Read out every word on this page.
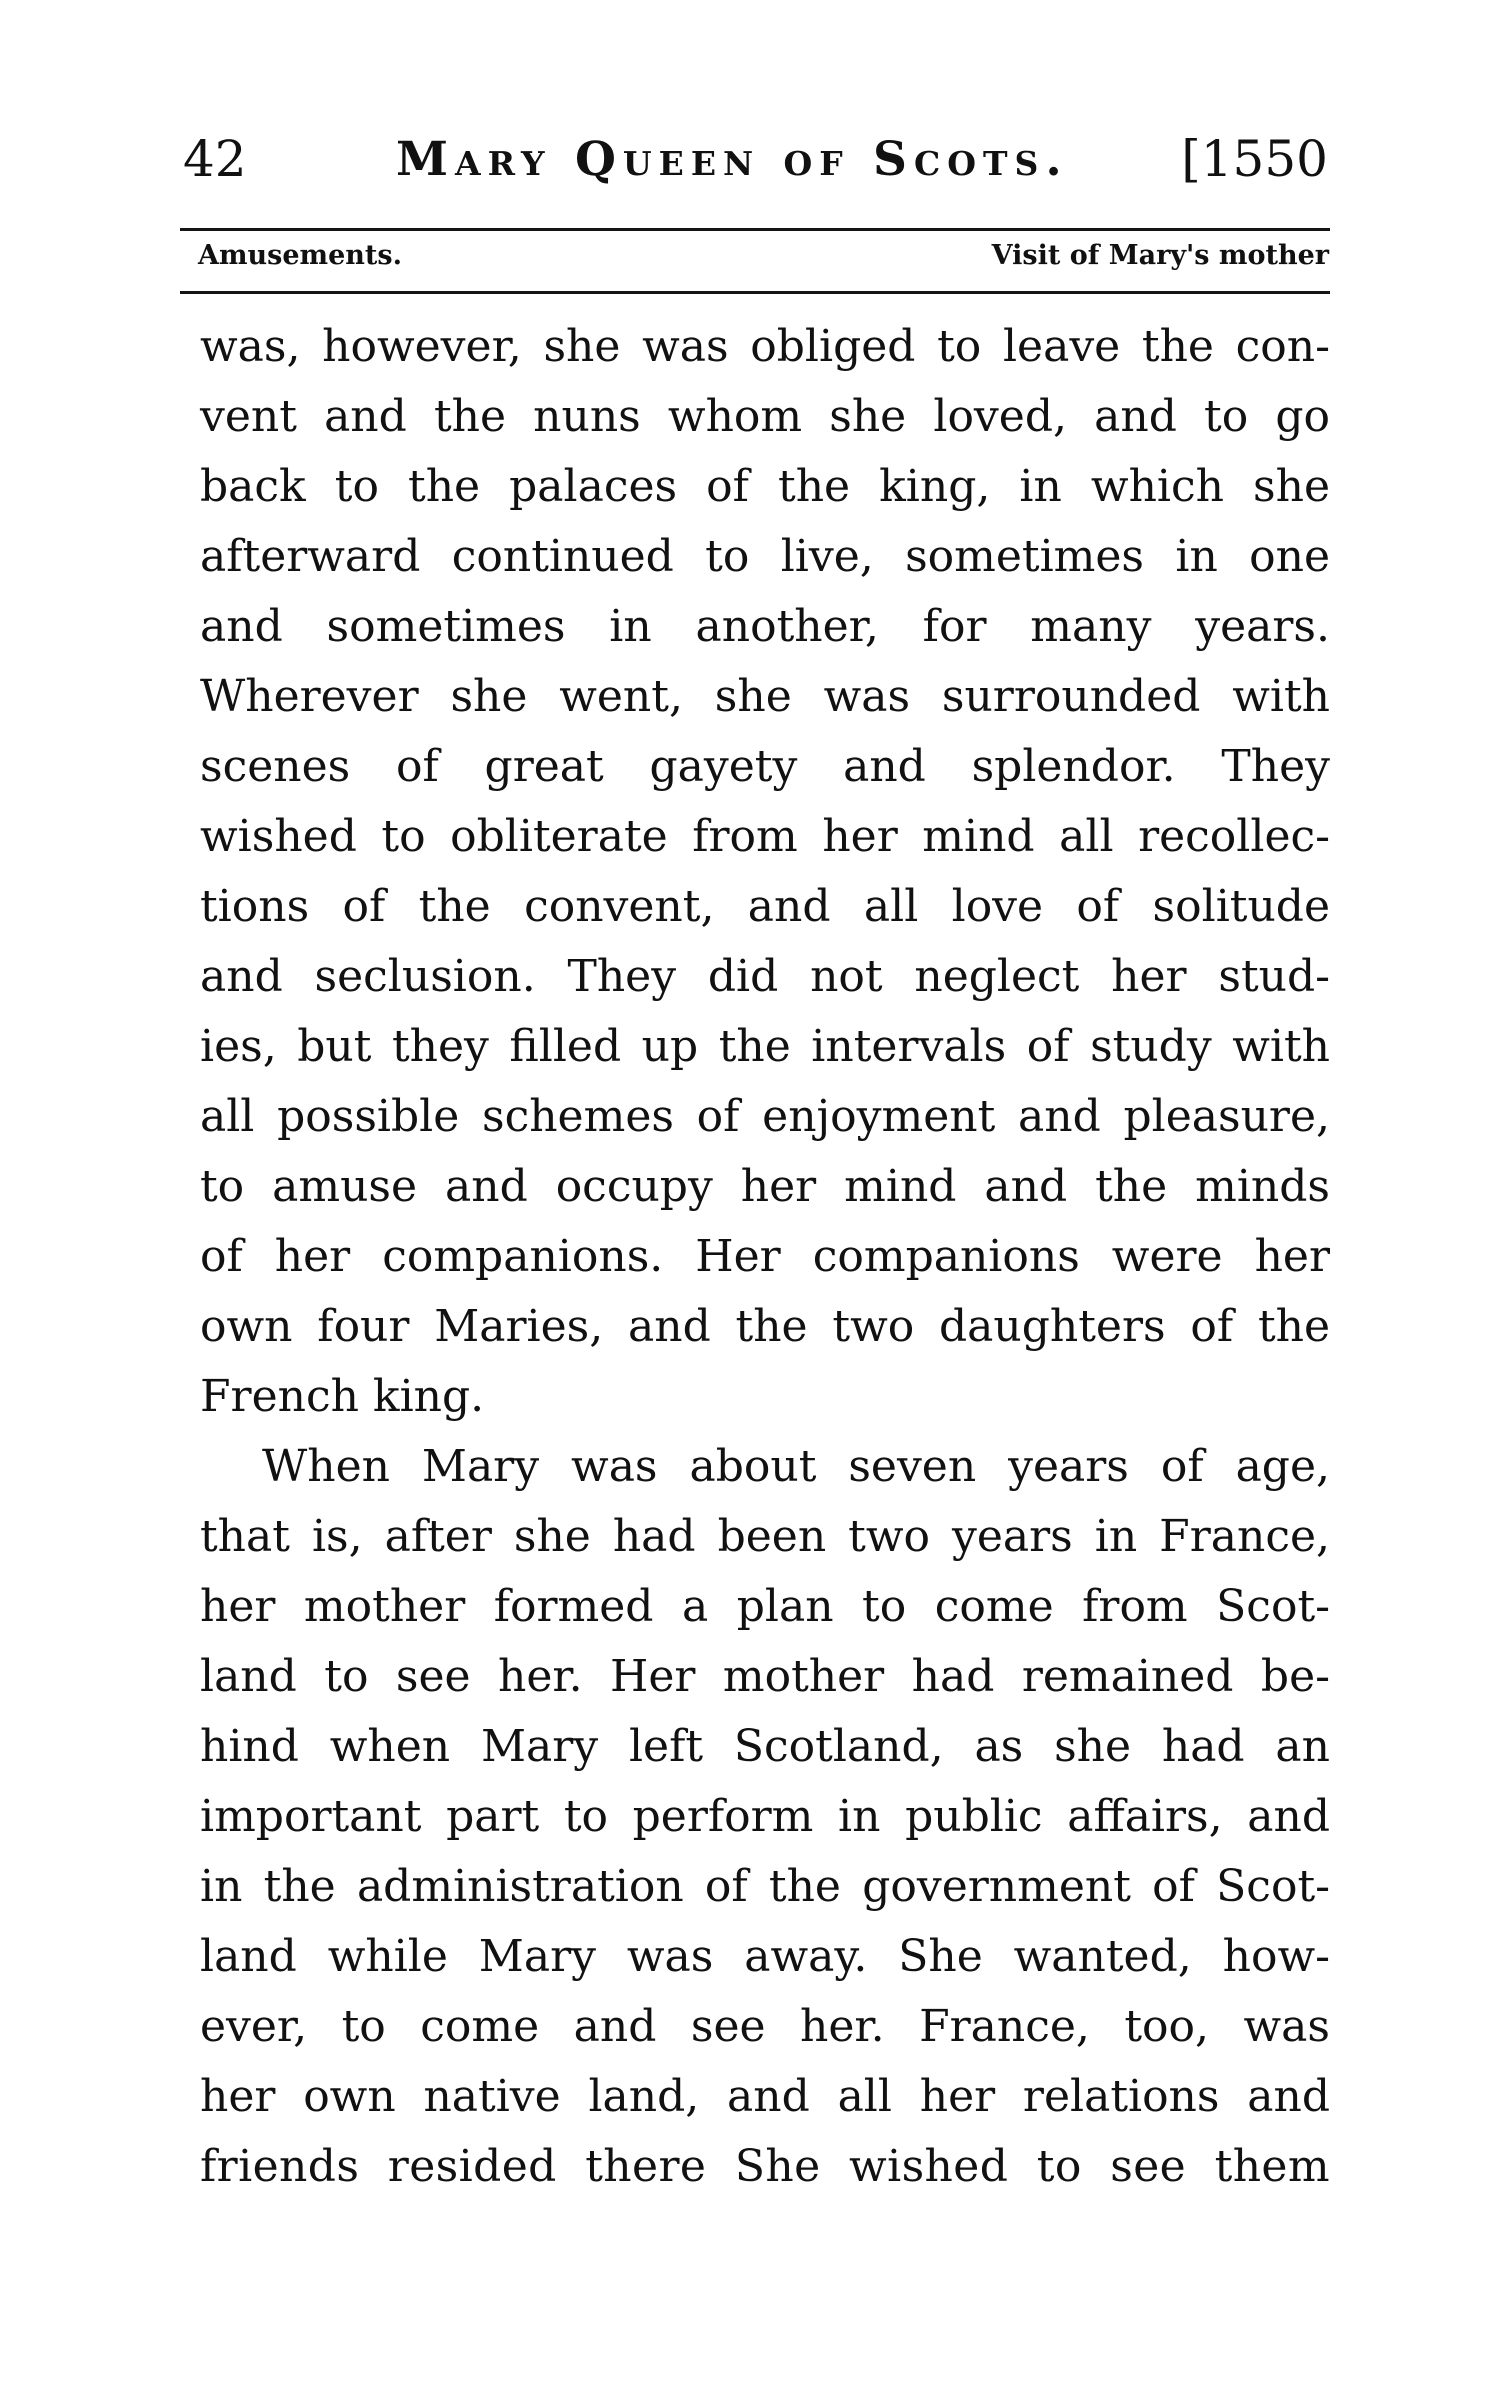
42	Mary Queen of Scots. [1550
Amusements.	Visit of Mary's mother
was, however, she was obliged to leave the con-
vent and the nuns whom she loved, and to go
back to the palaces of the king, in which she
afterward continued to live, sometimes in one
and sometimes in another, for many years.
Wherever she went, she was surrounded with
scenes of great gayety and splendor. They
wished to obliterate from her mind all recollec-
tions of the convent, and all love of solitude
and seclusion. They did not neglect her stud-
ies, but they filled up the intervals of study with
all possible schemes of enjoyment and pleasure,
to amuse and occupy her mind and the minds
of her companions. Her companions were her
own four Maries, and the two daughters of the
French king.
When Mary was about seven years of age,
that is, after she had been two years in France,
her mother formed a plan to come from Scot-
land to see her. Her mother had remained be-
hind when Mary left Scotland, as she had an
important part to perform in public affairs, and
in the administration of the government of Scot-
land while Mary was away. She wanted, how-
ever, to come and see her. France, too, was
her own native land, and all her relations and
friends resided there She wished to see them
